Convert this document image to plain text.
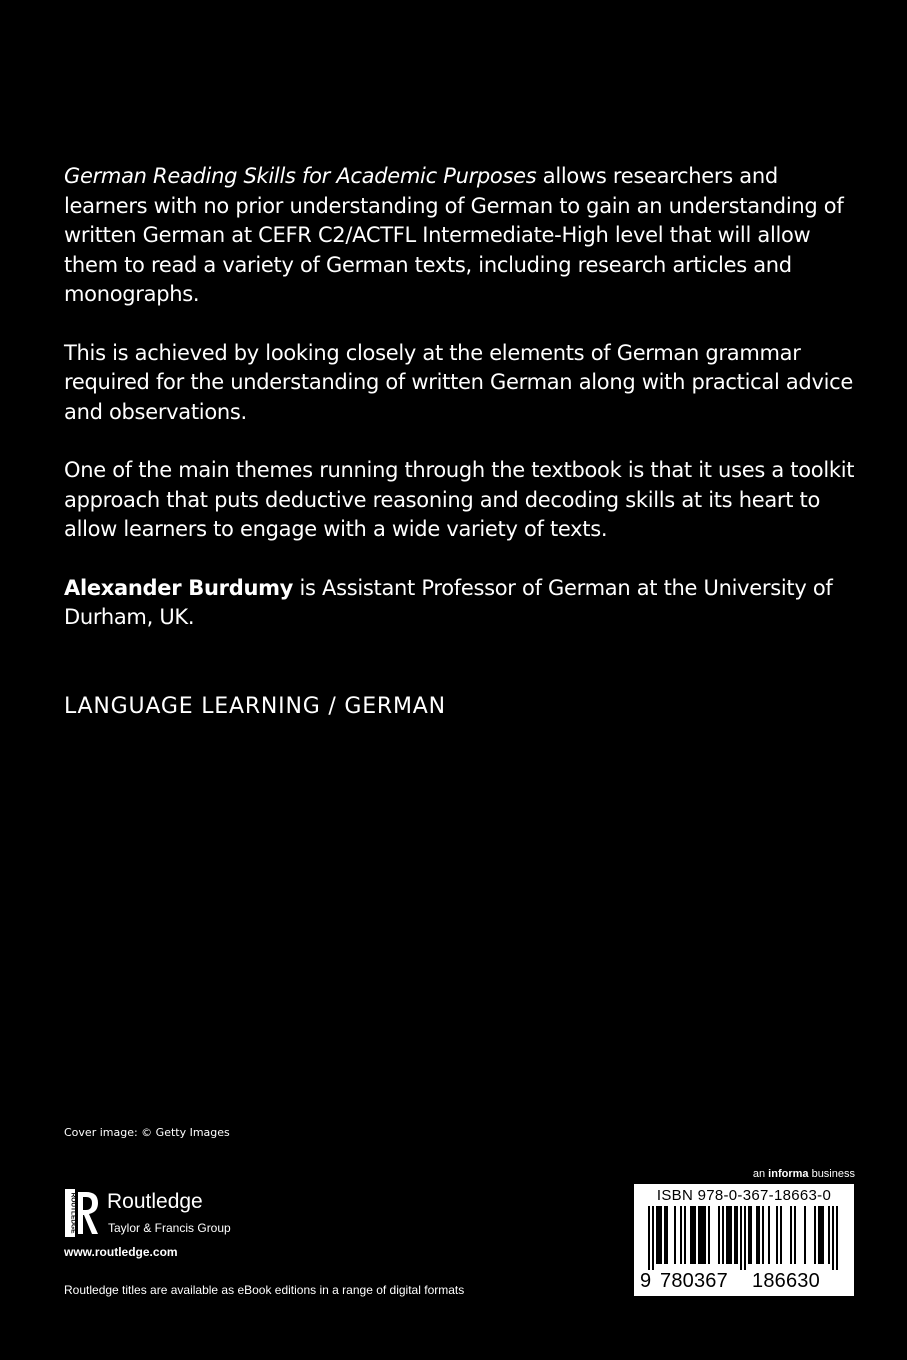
German Reading Skills for Academic Purposes allows researchers and learners with no prior understanding of German to gain an understanding of written German at CEFR C2/ACTFL Intermediate-High level that will allow them to read a variety of German texts, including research articles and monographs.

This is achieved by looking closely at the elements of German grammar required for the understanding of written German along with practical advice and observations.

One of the main themes running through the textbook is that it uses a toolkit approach that puts deductive reasoning and decoding skills at its heart to allow learners to engage with a wide variety of texts.

Alexander Burdumy is Assistant Professor of German at the University of Durham, UK.

LANGUAGE LEARNING / GERMAN
Cover image: © Getty Images
ROUTLEDGE Routledge
Taylor & Francis Group
www.routledge.com
Routledge titles are available as eBook editions in a range of digital formats
an informa business
ISBN 978-0-367-18663-0
9 780367 186630
